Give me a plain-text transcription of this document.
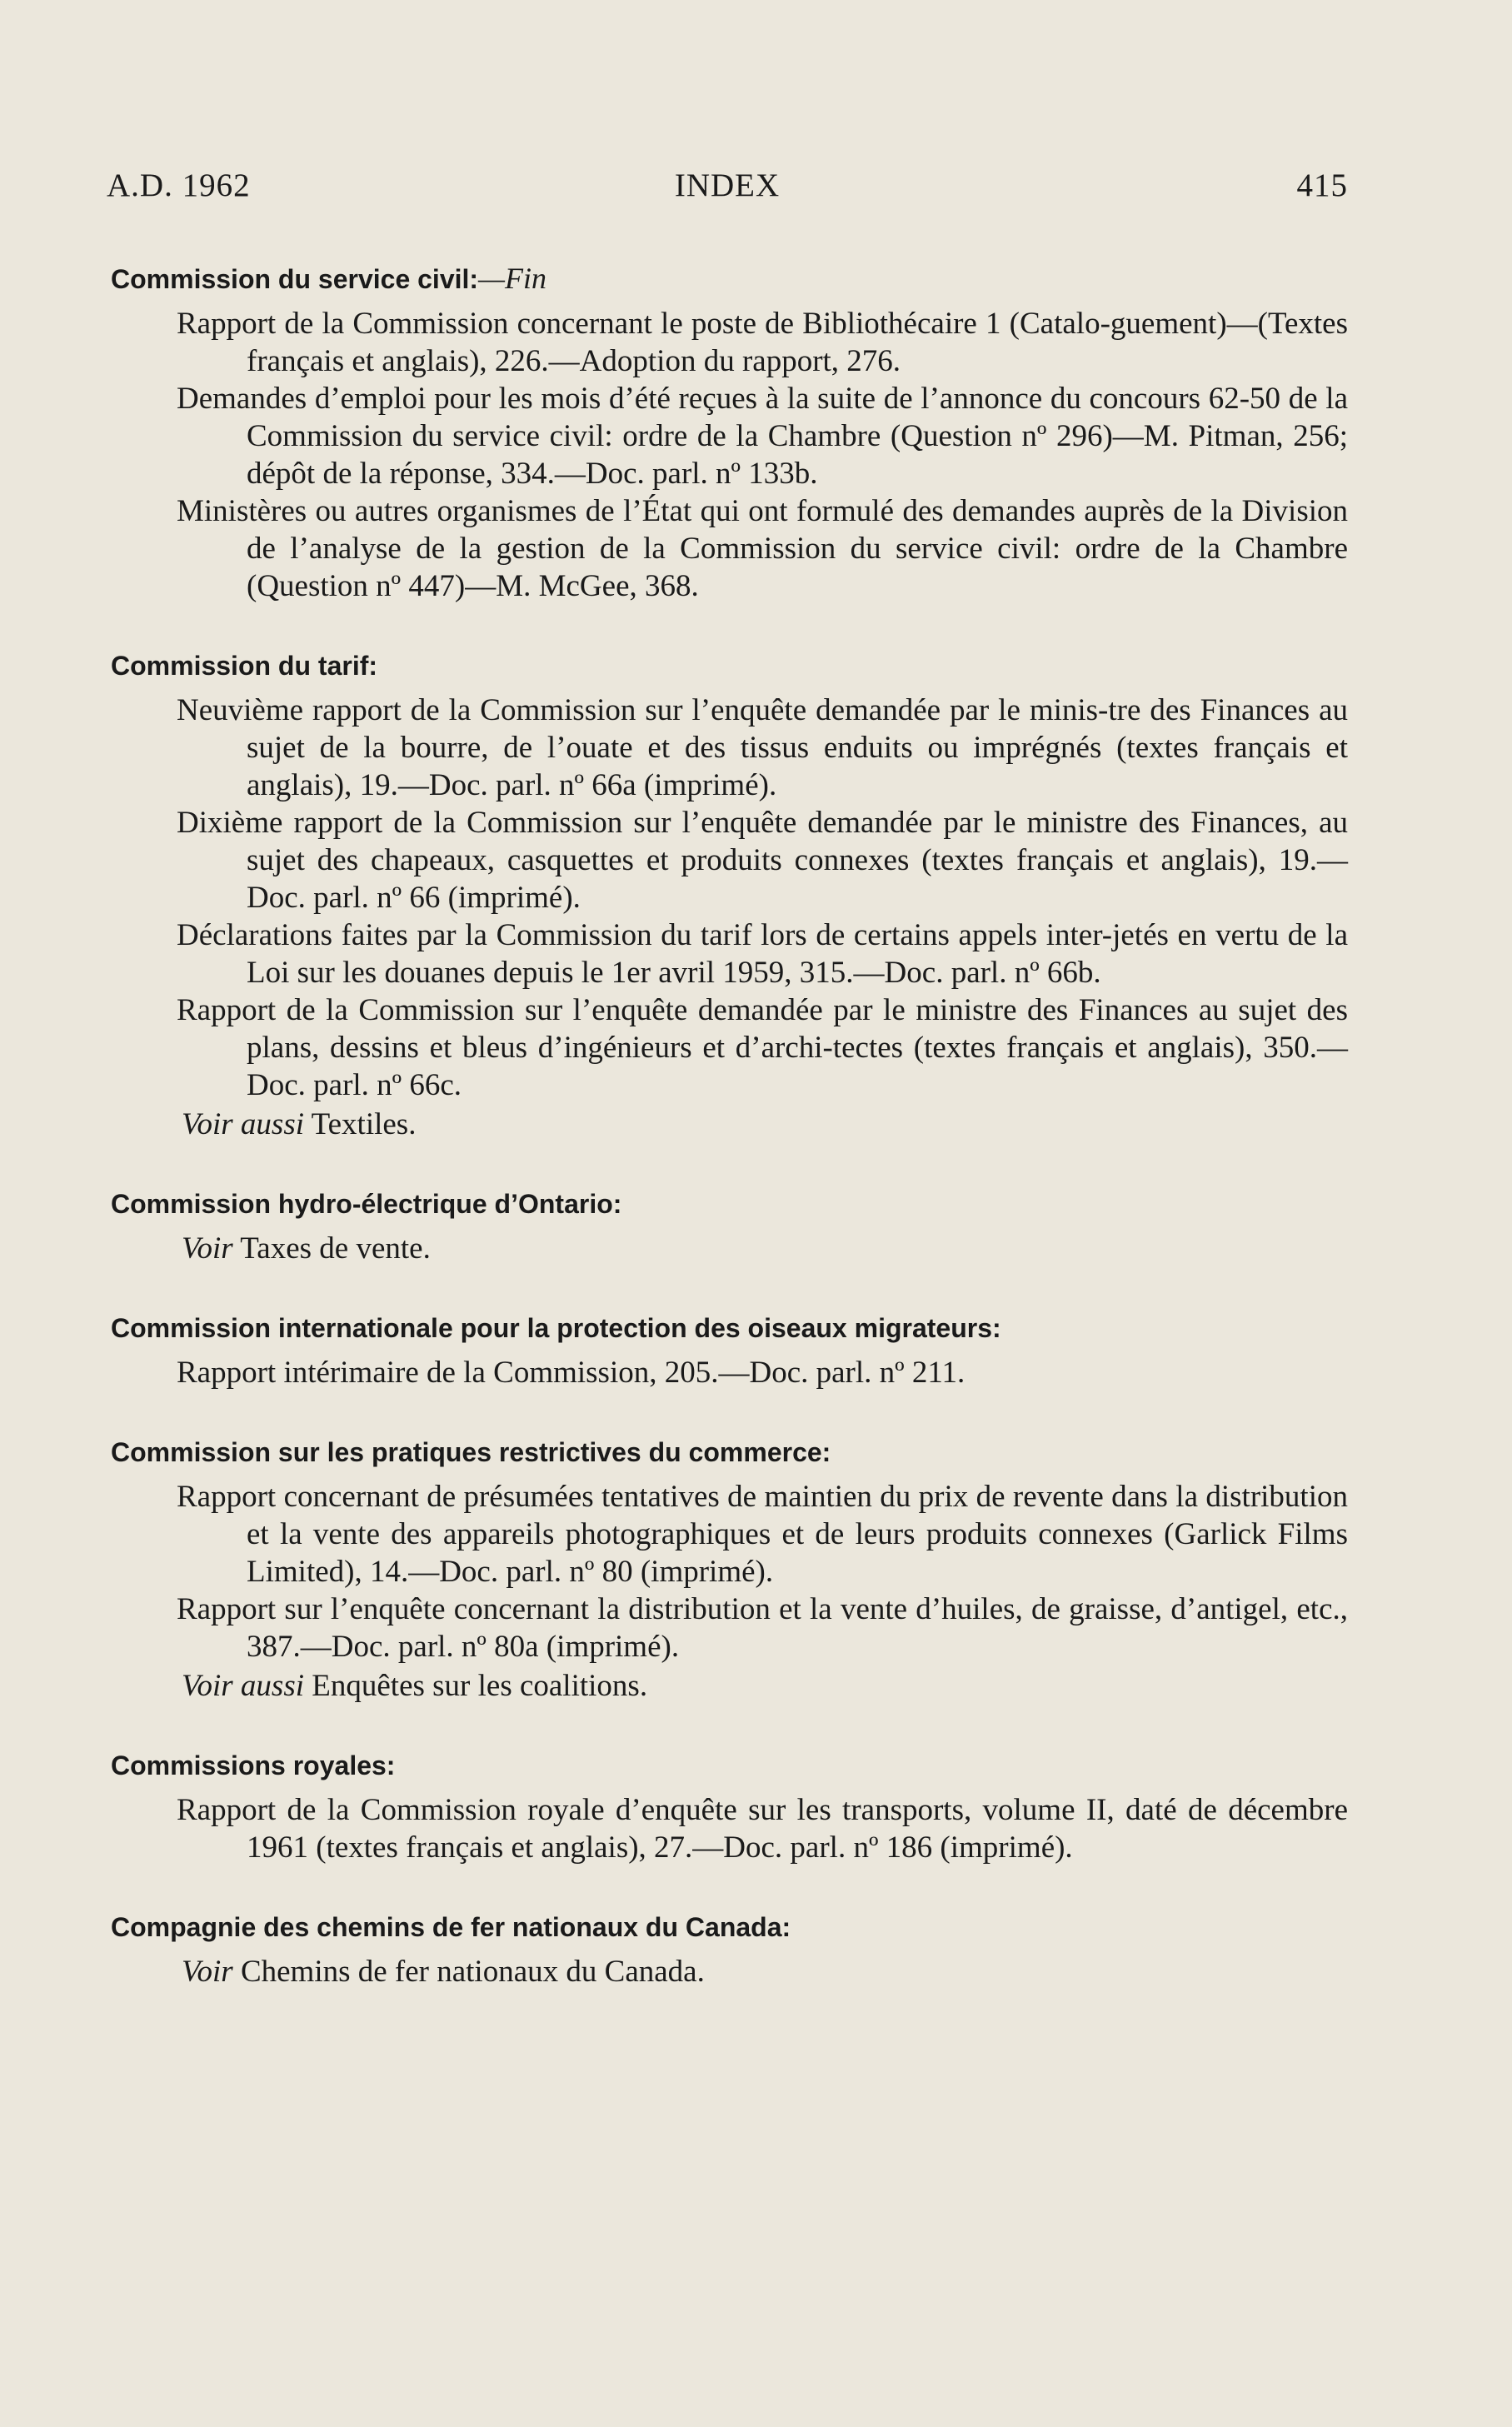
A.D. 1962	INDEX	415
Commission du service civil:—Fin
Rapport de la Commission concernant le poste de Bibliothécaire 1 (Catalo-guement)—(Textes français et anglais), 226.—Adoption du rapport, 276.
Demandes d’emploi pour les mois d’été reçues à la suite de l’annonce du concours 62-50 de la Commission du service civil: ordre de la Chambre (Question nº 296)—M. Pitman, 256; dépôt de la réponse, 334.—Doc. parl. nº 133b.
Ministères ou autres organismes de l’État qui ont formulé des demandes auprès de la Division de l’analyse de la gestion de la Commission du service civil: ordre de la Chambre (Question nº 447)—M. McGee, 368.
Commission du tarif:
Neuvième rapport de la Commission sur l’enquête demandée par le minis-tre des Finances au sujet de la bourre, de l’ouate et des tissus enduits ou imprégnés (textes français et anglais), 19.—Doc. parl. nº 66a (imprimé).
Dixième rapport de la Commission sur l’enquête demandée par le ministre des Finances, au sujet des chapeaux, casquettes et produits connexes (textes français et anglais), 19.—Doc. parl. nº 66 (imprimé).
Déclarations faites par la Commission du tarif lors de certains appels inter-jetés en vertu de la Loi sur les douanes depuis le 1er avril 1959, 315.—Doc. parl. nº 66b.
Rapport de la Commission sur l’enquête demandée par le ministre des Finances au sujet des plans, dessins et bleus d’ingénieurs et d’archi-tectes (textes français et anglais), 350.—Doc. parl. nº 66c.
Voir aussi Textiles.
Commission hydro-électrique d’Ontario:
Voir Taxes de vente.
Commission internationale pour la protection des oiseaux migrateurs:
Rapport intérimaire de la Commission, 205.—Doc. parl. nº 211.
Commission sur les pratiques restrictives du commerce:
Rapport concernant de présumées tentatives de maintien du prix de revente dans la distribution et la vente des appareils photographiques et de leurs produits connexes (Garlick Films Limited), 14.—Doc. parl. nº 80 (imprimé).
Rapport sur l’enquête concernant la distribution et la vente d’huiles, de graisse, d’antigel, etc., 387.—Doc. parl. nº 80a (imprimé).
Voir aussi Enquêtes sur les coalitions.
Commissions royales:
Rapport de la Commission royale d’enquête sur les transports, volume II, daté de décembre 1961 (textes français et anglais), 27.—Doc. parl. nº 186 (imprimé).
Compagnie des chemins de fer nationaux du Canada:
Voir Chemins de fer nationaux du Canada.
